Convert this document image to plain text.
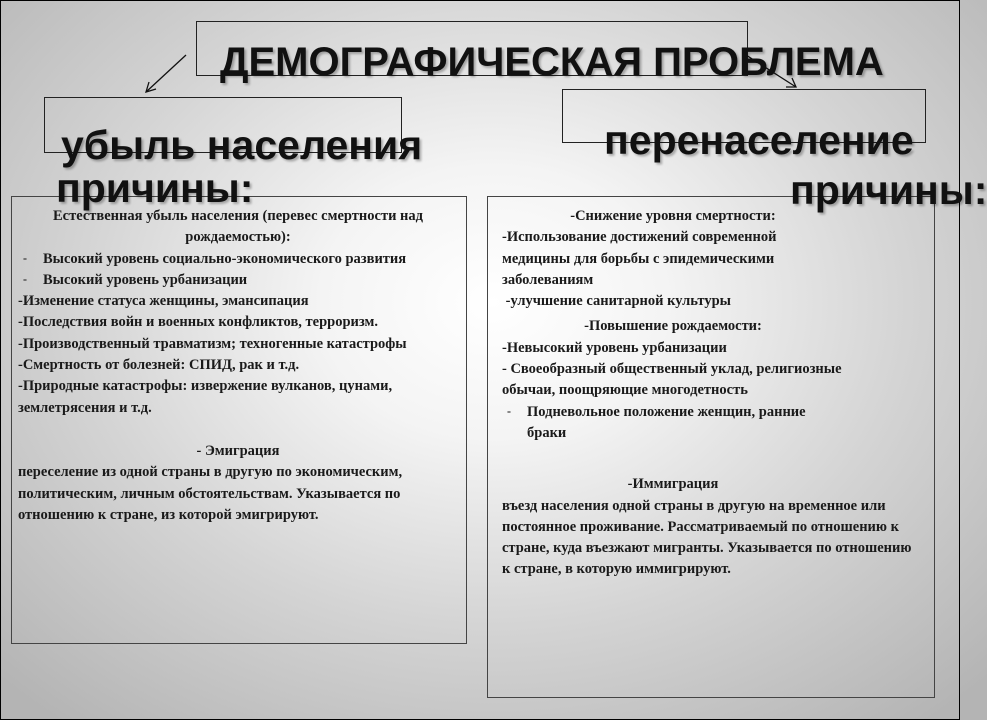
Естественная убыль населения (перевес смертности над рождаемостью):
- Высокий уровень социально-экономического развития
- Высокий уровень урбанизации
-Изменение статуса женщины, эмансипация
-Последствия войн и военных конфликтов, терроризм.
-Производственный травматизм; техногенные катастрофы
-Смертность от болезней: СПИД, рак и т.д.
-Природные катастрофы: извержение вулканов, цунами, землетрясения и т.д.
- Эмиграция
переселение из одной страны в другую по экономическим, политическим, личным обстоятельствам. Указывается по отношению к стране, из которой эмигрируют.
-Снижение уровня смертности:
-Использование достижений современной медицины для борьбы с эпидемическими заболеваниям
-улучшение санитарной культуры
-Повышение рождаемости:
-Невысокий уровень урбанизации
- Своеобразный общественный уклад, религиозные обычаи, поощряющие многодетность
- Подневольное положение женщин, ранние браки
-Иммиграция
въезд населения одной страны в другую на временное или постоянное проживание. Рассматриваемый по отношению к стране, куда въезжают мигранты. Указывается по отношению к стране, в которую иммигрируют.
ДЕМОГРАФИЧЕСКАЯ ПРОБЛЕМА
убыль населения
причины:
перенаселение
причины:
